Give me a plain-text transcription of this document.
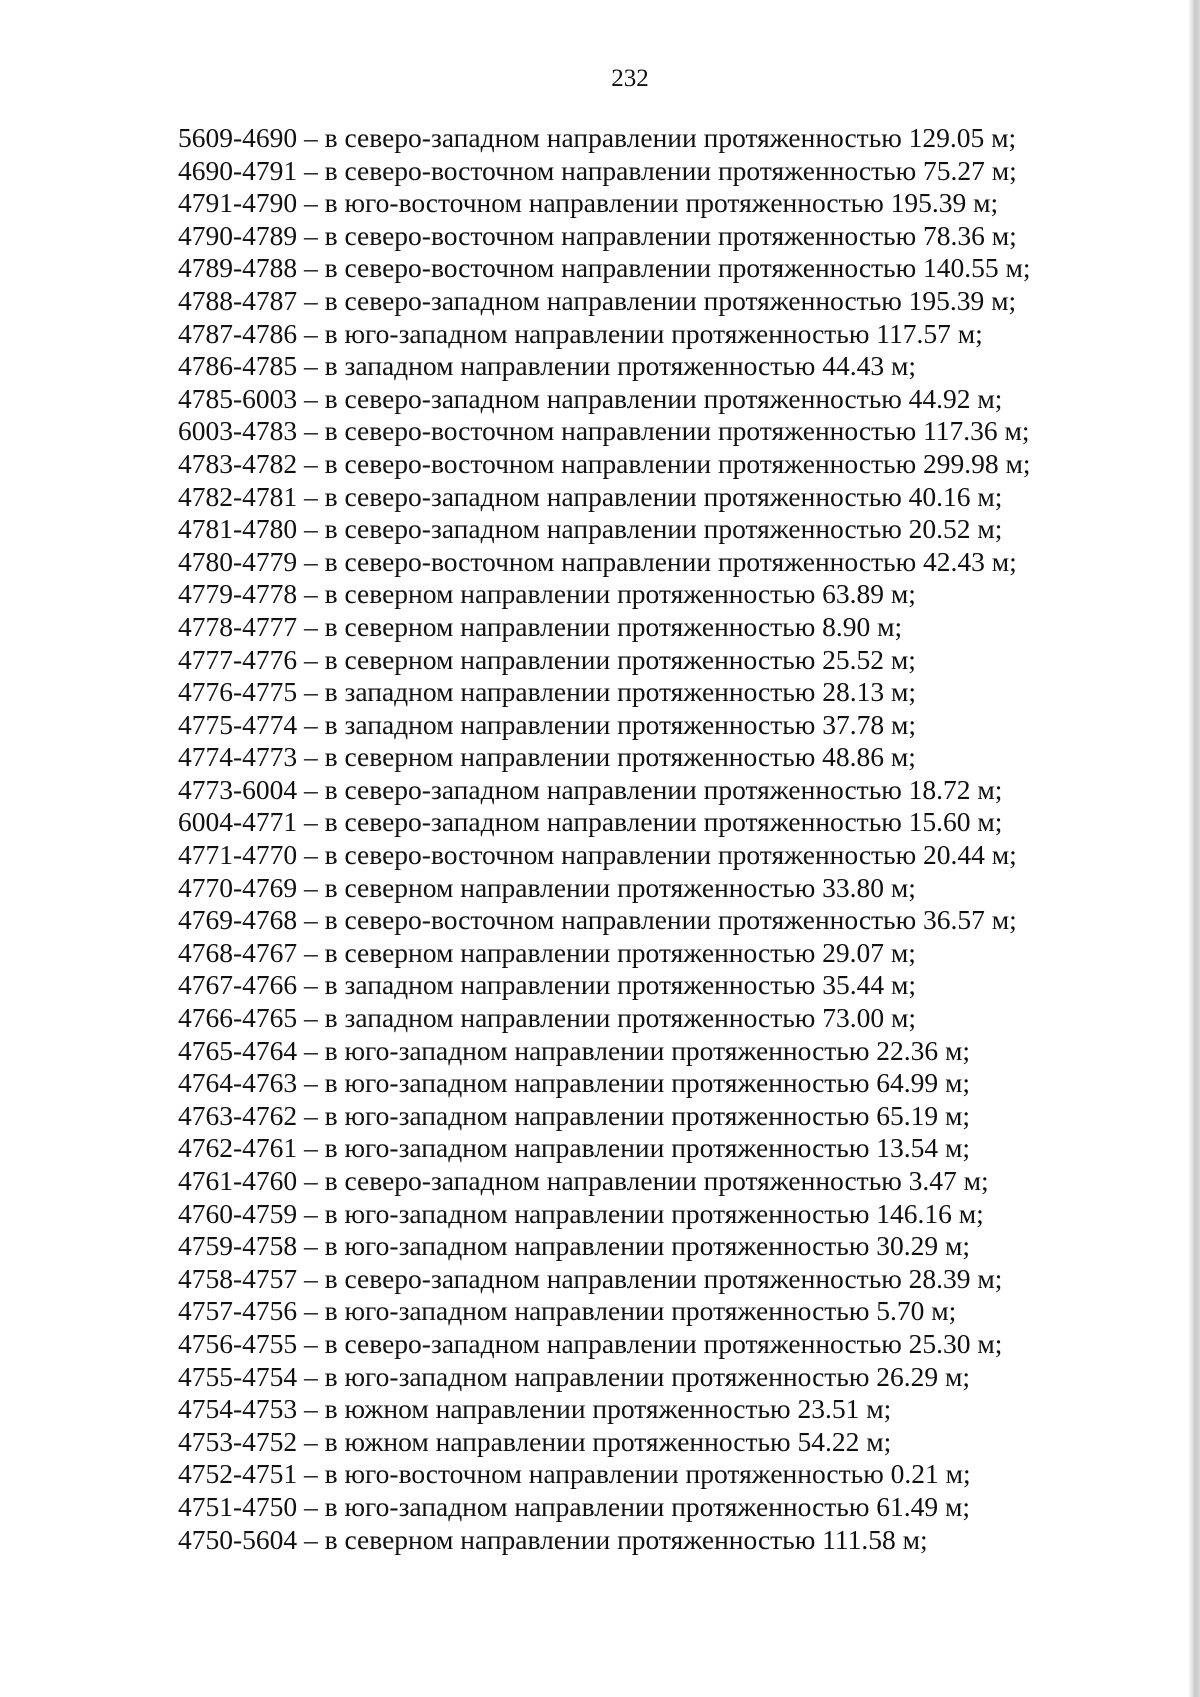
232
5609-4690 – в северо-западном направлении протяженностью 129.05 м;
4690-4791 – в северо-восточном направлении протяженностью 75.27 м;
4791-4790 – в юго-восточном направлении протяженностью 195.39 м;
4790-4789 – в северо-восточном направлении протяженностью 78.36 м;
4789-4788 – в северо-восточном направлении протяженностью 140.55 м;
4788-4787 – в северо-западном направлении протяженностью 195.39 м;
4787-4786 – в юго-западном направлении протяженностью 117.57 м;
4786-4785 – в западном направлении протяженностью 44.43 м;
4785-6003 – в северо-западном направлении протяженностью 44.92 м;
6003-4783 – в северо-восточном направлении протяженностью 117.36 м;
4783-4782 – в северо-восточном направлении протяженностью 299.98 м;
4782-4781 – в северо-западном направлении протяженностью 40.16 м;
4781-4780 – в северо-западном направлении протяженностью 20.52 м;
4780-4779 – в северо-восточном направлении протяженностью 42.43 м;
4779-4778 – в северном направлении протяженностью 63.89 м;
4778-4777 – в северном направлении протяженностью 8.90 м;
4777-4776 – в северном направлении протяженностью 25.52 м;
4776-4775 – в западном направлении протяженностью 28.13 м;
4775-4774 – в западном направлении протяженностью 37.78 м;
4774-4773 – в северном направлении протяженностью 48.86 м;
4773-6004 – в северо-западном направлении протяженностью 18.72 м;
6004-4771 – в северо-западном направлении протяженностью 15.60 м;
4771-4770 – в северо-восточном направлении протяженностью 20.44 м;
4770-4769 – в северном направлении протяженностью 33.80 м;
4769-4768 – в северо-восточном направлении протяженностью 36.57 м;
4768-4767 – в северном направлении протяженностью 29.07 м;
4767-4766 – в западном направлении протяженностью 35.44 м;
4766-4765 – в западном направлении протяженностью 73.00 м;
4765-4764 – в юго-западном направлении протяженностью 22.36 м;
4764-4763 – в юго-западном направлении протяженностью 64.99 м;
4763-4762 – в юго-западном направлении протяженностью 65.19 м;
4762-4761 – в юго-западном направлении протяженностью 13.54 м;
4761-4760 – в северо-западном направлении протяженностью 3.47 м;
4760-4759 – в юго-западном направлении протяженностью 146.16 м;
4759-4758 – в юго-западном направлении протяженностью 30.29 м;
4758-4757 – в северо-западном направлении протяженностью 28.39 м;
4757-4756 – в юго-западном направлении протяженностью 5.70 м;
4756-4755 – в северо-западном направлении протяженностью 25.30 м;
4755-4754 – в юго-западном направлении протяженностью 26.29 м;
4754-4753 – в южном направлении протяженностью 23.51 м;
4753-4752 – в южном направлении протяженностью 54.22 м;
4752-4751 – в юго-восточном направлении протяженностью 0.21 м;
4751-4750 – в юго-западном направлении протяженностью 61.49 м;
4750-5604 – в северном направлении протяженностью 111.58 м;
